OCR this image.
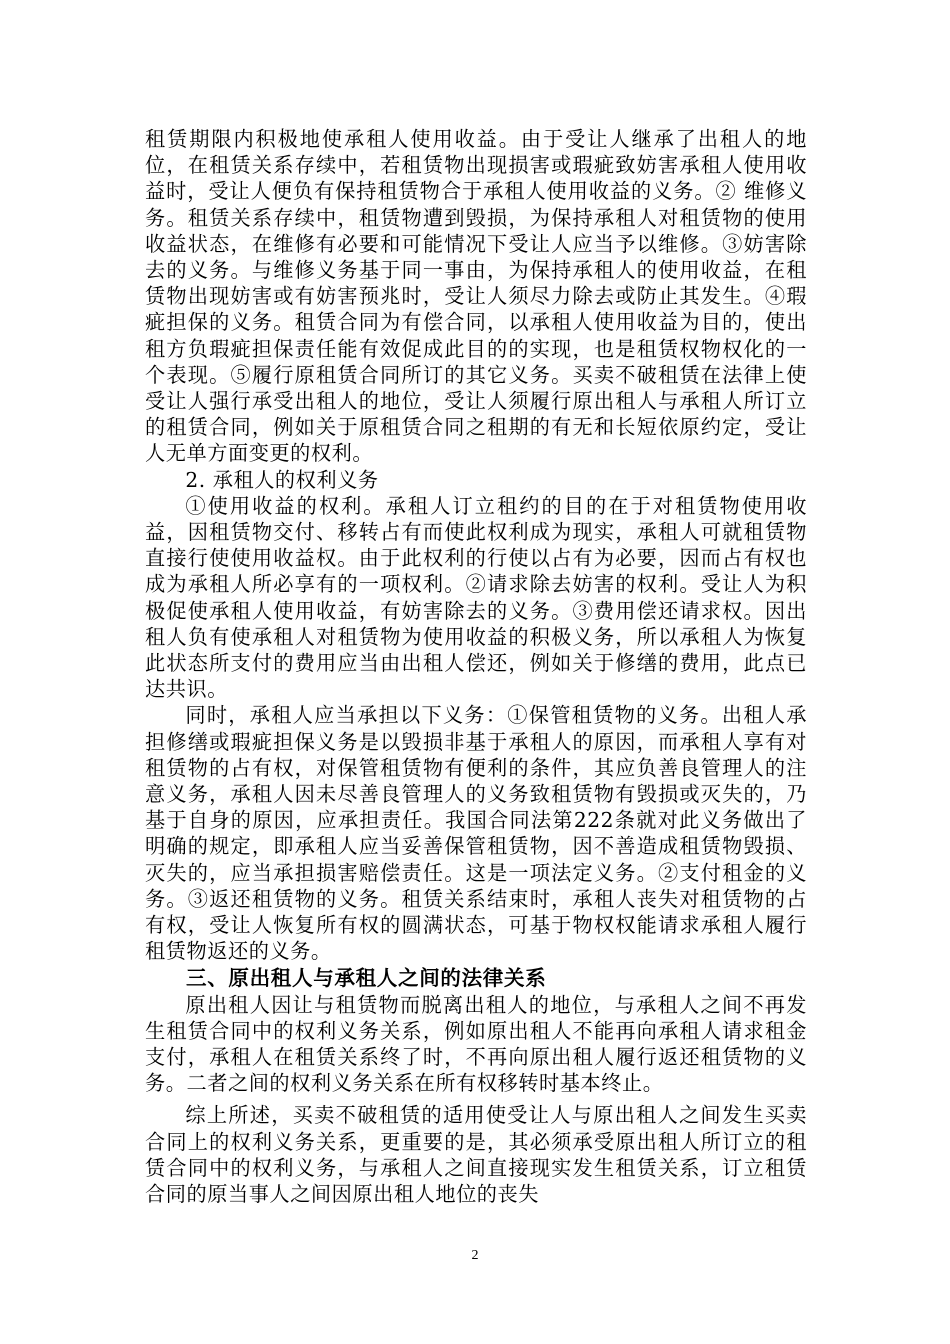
租赁期限内积极地使承租人使用收益。由于受让人继承了出租人的地位，在租赁关系存续中，若租赁物出现损害或瑕疵致妨害承租人使用收益时，受让人便负有保持租赁物合于承租人使用收益的义务。② 维修义务。租赁关系存续中，租赁物遭到毁损，为保持承租人对租赁物的使用收益状态，在维修有必要和可能情况下受让人应当予以维修。③妨害除去的义务。与维修义务基于同一事由，为保持承租人的使用收益，在租赁物出现妨害或有妨害预兆时，受让人须尽力除去或防止其发生。④瑕疵担保的义务。租赁合同为有偿合同，以承租人使用收益为目的，使出租方负瑕疵担保责任能有效促成此目的的实现，也是租赁权物权化的一个表现。⑤履行原租赁合同所订的其它义务。买卖不破租赁在法律上使受让人强行承受出租人的地位，受让人须履行原出租人与承租人所订立的租赁合同，例如关于原租赁合同之租期的有无和长短依原约定，受让人无单方面变更的权利。

2. 承租人的权利义务

①使用收益的权利。承租人订立租约的目的在于对租赁物使用收益，因租赁物交付、移转占有而使此权利成为现实，承租人可就租赁物直接行使使用收益权。由于此权利的行使以占有为必要，因而占有权也成为承租人所必享有的一项权利。②请求除去妨害的权利。受让人为积极促使承租人使用收益，有妨害除去的义务。③费用偿还请求权。因出租人负有使承租人对租赁物为使用收益的积极义务，所以承租人为恢复此状态所支付的费用应当由出租人偿还，例如关于修缮的费用，此点已达共识。

同时，承租人应当承担以下义务：①保管租赁物的义务。出租人承担修缮或瑕疵担保义务是以毁损非基于承租人的原因，而承租人享有对租赁物的占有权，对保管租赁物有便利的条件，其应负善良管理人的注意义务，承租人因未尽善良管理人的义务致租赁物有毁损或灭失的，乃基于自身的原因，应承担责任。我国合同法第222条就对此义务做出了明确的规定，即承租人应当妥善保管租赁物，因不善造成租赁物毁损、灭失的，应当承担损害赔偿责任。这是一项法定义务。②支付租金的义务。③返还租赁物的义务。租赁关系结束时，承租人丧失对租赁物的占有权，受让人恢复所有权的圆满状态，可基于物权权能请求承租人履行租赁物返还的义务。

三、原出租人与承租人之间的法律关系

原出租人因让与租赁物而脱离出租人的地位，与承租人之间不再发生租赁合同中的权利义务关系，例如原出租人不能再向承租人请求租金支付，承租人在租赁关系终了时，不再向原出租人履行返还租赁物的义务。二者之间的权利义务关系在所有权移转时基本终止。

综上所述，买卖不破租赁的适用使受让人与原出租人之间发生买卖合同上的权利义务关系，更重要的是，其必须承受原出租人所订立的租赁合同中的权利义务，与承租人之间直接现实发生租赁关系，订立租赁合同的原当事人之间因原出租人地位的丧失

2
